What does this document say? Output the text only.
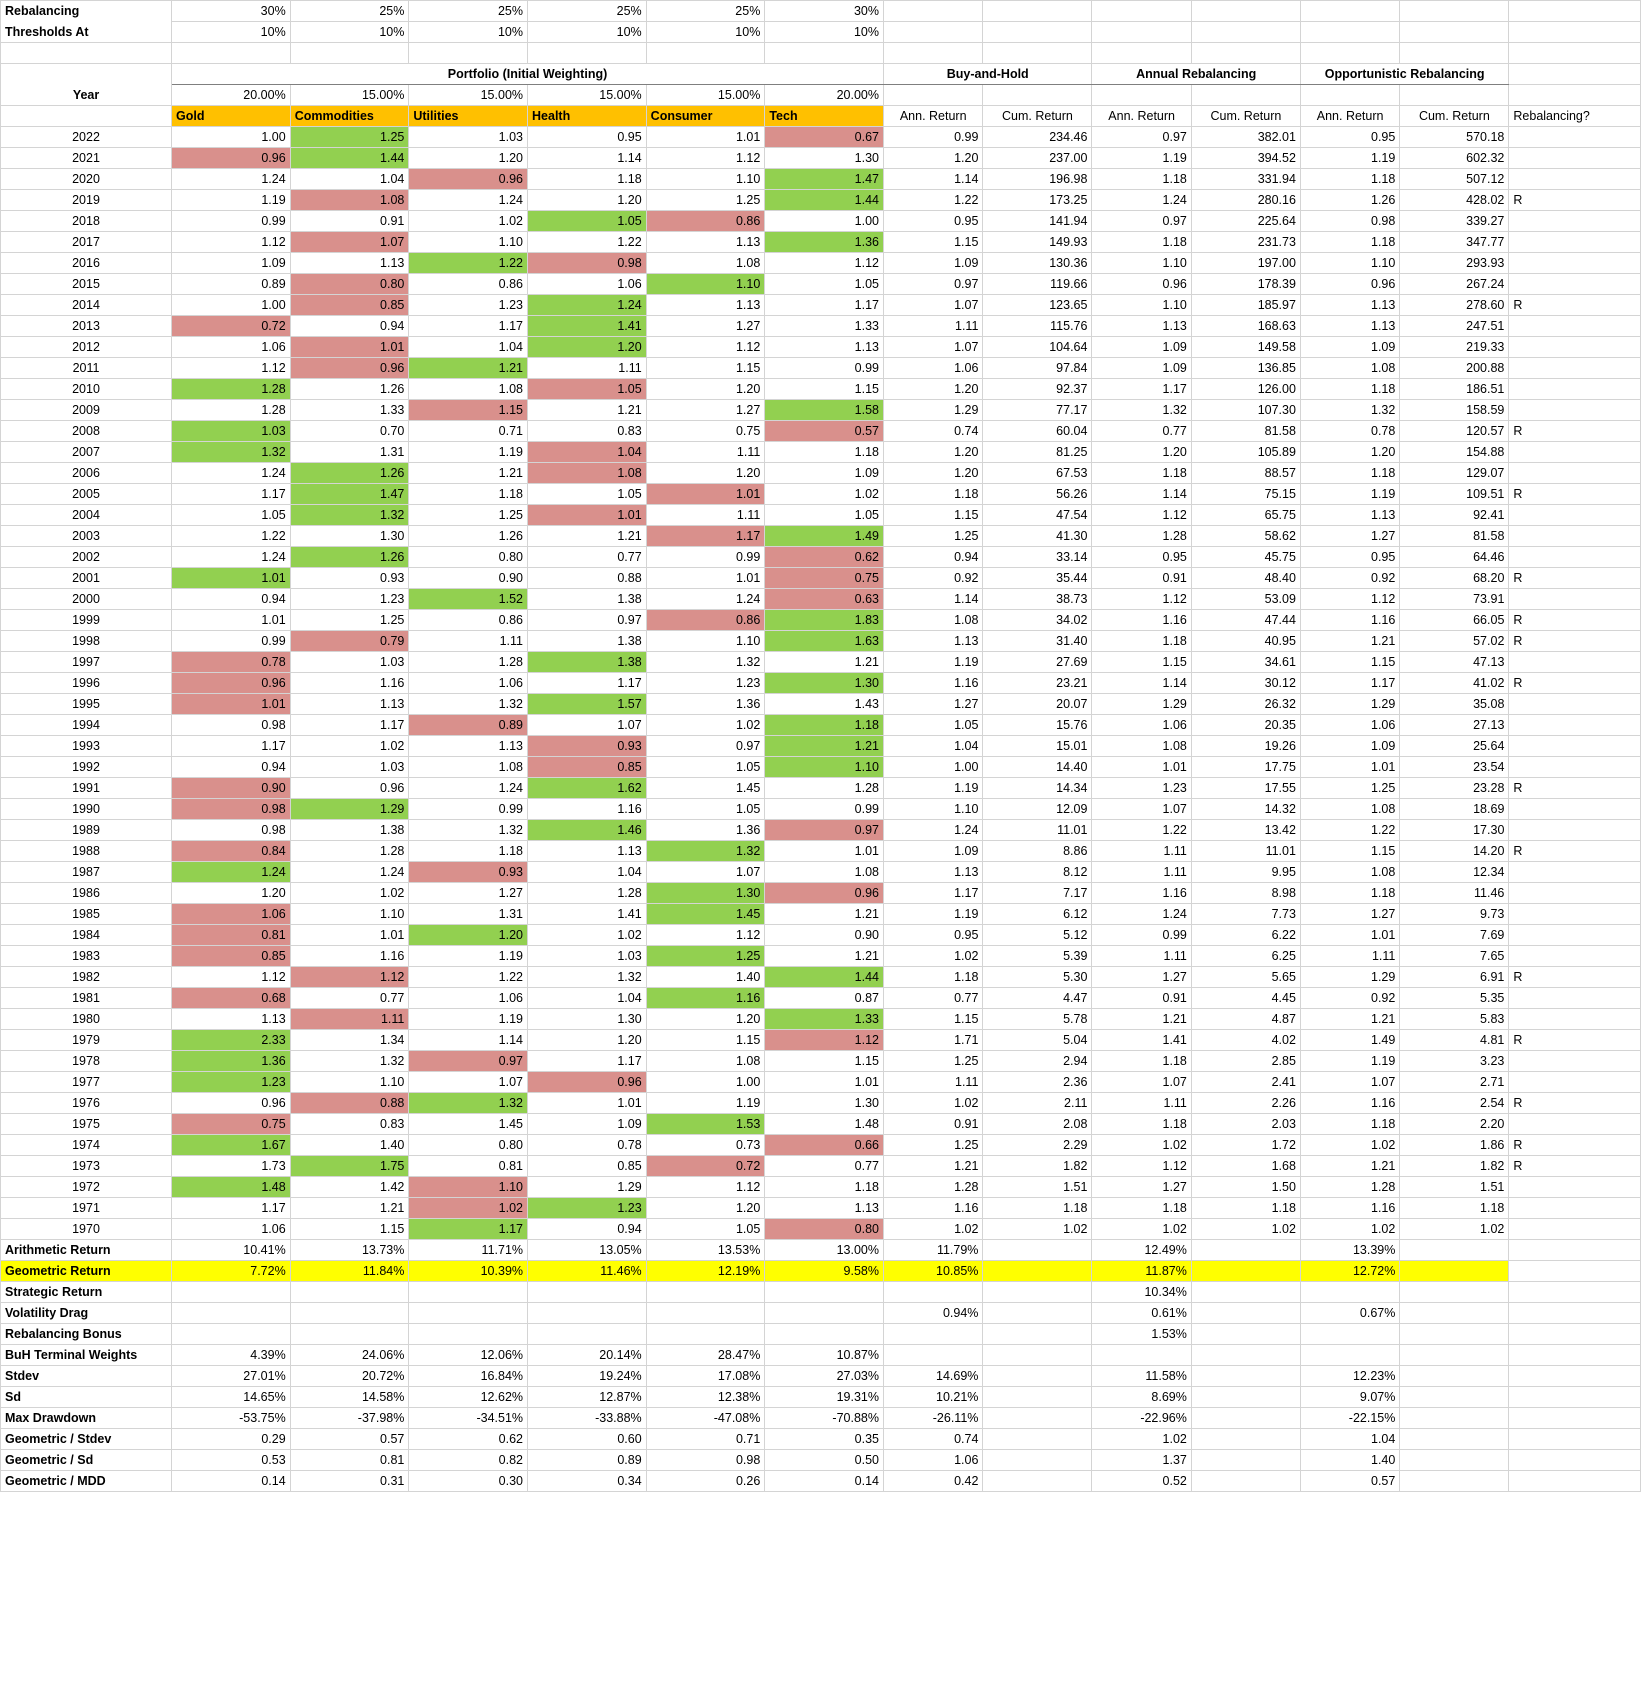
Rebalancing	30%	25%	25%	25%	25%	30%							
Thresholds At	10%	10%	10%	10%	10%	10%							

	Portfolio (Initial Weighting)						Buy-and-Hold		Annual Rebalancing		Opportunistic Rebalancing		
Year	20.00%	15.00%	15.00%	15.00%	15.00%	20.00%							
	Gold	Commodities	Utilities	Health	Consumer	Tech	Ann. Return	Cum. Return	Ann. Return	Cum. Return	Ann. Return	Cum. Return	Rebalancing?
2022	1.00	1.25	1.03	0.95	1.01	0.67	0.99	234.46	0.97	382.01	0.95	570.18	
2021	0.96	1.44	1.20	1.14	1.12	1.30	1.20	237.00	1.19	394.52	1.19	602.32	
2020	1.24	1.04	0.96	1.18	1.10	1.47	1.14	196.98	1.18	331.94	1.18	507.12	
2019	1.19	1.08	1.24	1.20	1.25	1.44	1.22	173.25	1.24	280.16	1.26	428.02	R
2018	0.99	0.91	1.02	1.05	0.86	1.00	0.95	141.94	0.97	225.64	0.98	339.27	
2017	1.12	1.07	1.10	1.22	1.13	1.36	1.15	149.93	1.18	231.73	1.18	347.77	
2016	1.09	1.13	1.22	0.98	1.08	1.12	1.09	130.36	1.10	197.00	1.10	293.93	
2015	0.89	0.80	0.86	1.06	1.10	1.05	0.97	119.66	0.96	178.39	0.96	267.24	
2014	1.00	0.85	1.23	1.24	1.13	1.17	1.07	123.65	1.10	185.97	1.13	278.60	R
2013	0.72	0.94	1.17	1.41	1.27	1.33	1.11	115.76	1.13	168.63	1.13	247.51	
2012	1.06	1.01	1.04	1.20	1.12	1.13	1.07	104.64	1.09	149.58	1.09	219.33	
2011	1.12	0.96	1.21	1.11	1.15	0.99	1.06	97.84	1.09	136.85	1.08	200.88	
2010	1.28	1.26	1.08	1.05	1.20	1.15	1.20	92.37	1.17	126.00	1.18	186.51	
2009	1.28	1.33	1.15	1.21	1.27	1.58	1.29	77.17	1.32	107.30	1.32	158.59	
2008	1.03	0.70	0.71	0.83	0.75	0.57	0.74	60.04	0.77	81.58	0.78	120.57	R
2007	1.32	1.31	1.19	1.04	1.11	1.18	1.20	81.25	1.20	105.89	1.20	154.88	
2006	1.24	1.26	1.21	1.08	1.20	1.09	1.20	67.53	1.18	88.57	1.18	129.07	
2005	1.17	1.47	1.18	1.05	1.01	1.02	1.18	56.26	1.14	75.15	1.19	109.51	R
2004	1.05	1.32	1.25	1.01	1.11	1.05	1.15	47.54	1.12	65.75	1.13	92.41	
2003	1.22	1.30	1.26	1.21	1.17	1.49	1.25	41.30	1.28	58.62	1.27	81.58	
2002	1.24	1.26	0.80	0.77	0.99	0.62	0.94	33.14	0.95	45.75	0.95	64.46	
2001	1.01	0.93	0.90	0.88	1.01	0.75	0.92	35.44	0.91	48.40	0.92	68.20	R
2000	0.94	1.23	1.52	1.38	1.24	0.63	1.14	38.73	1.12	53.09	1.12	73.91	
1999	1.01	1.25	0.86	0.97	0.86	1.83	1.08	34.02	1.16	47.44	1.16	66.05	R
1998	0.99	0.79	1.11	1.38	1.10	1.63	1.13	31.40	1.18	40.95	1.21	57.02	R
1997	0.78	1.03	1.28	1.38	1.32	1.21	1.19	27.69	1.15	34.61	1.15	47.13	
1996	0.96	1.16	1.06	1.17	1.23	1.30	1.16	23.21	1.14	30.12	1.17	41.02	R
1995	1.01	1.13	1.32	1.57	1.36	1.43	1.27	20.07	1.29	26.32	1.29	35.08	
1994	0.98	1.17	0.89	1.07	1.02	1.18	1.05	15.76	1.06	20.35	1.06	27.13	
1993	1.17	1.02	1.13	0.93	0.97	1.21	1.04	15.01	1.08	19.26	1.09	25.64	
1992	0.94	1.03	1.08	0.85	1.05	1.10	1.00	14.40	1.01	17.75	1.01	23.54	
1991	0.90	0.96	1.24	1.62	1.45	1.28	1.19	14.34	1.23	17.55	1.25	23.28	R
1990	0.98	1.29	0.99	1.16	1.05	0.99	1.10	12.09	1.07	14.32	1.08	18.69	
1989	0.98	1.38	1.32	1.46	1.36	0.97	1.24	11.01	1.22	13.42	1.22	17.30	
1988	0.84	1.28	1.18	1.13	1.32	1.01	1.09	8.86	1.11	11.01	1.15	14.20	R
1987	1.24	1.24	0.93	1.04	1.07	1.08	1.13	8.12	1.11	9.95	1.08	12.34	
1986	1.20	1.02	1.27	1.28	1.30	0.96	1.17	7.17	1.16	8.98	1.18	11.46	
1985	1.06	1.10	1.31	1.41	1.45	1.21	1.19	6.12	1.24	7.73	1.27	9.73	
1984	0.81	1.01	1.20	1.02	1.12	0.90	0.95	5.12	0.99	6.22	1.01	7.69	
1983	0.85	1.16	1.19	1.03	1.25	1.21	1.02	5.39	1.11	6.25	1.11	7.65	
1982	1.12	1.12	1.22	1.32	1.40	1.44	1.18	5.30	1.27	5.65	1.29	6.91	R
1981	0.68	0.77	1.06	1.04	1.16	0.87	0.77	4.47	0.91	4.45	0.92	5.35	
1980	1.13	1.11	1.19	1.30	1.20	1.33	1.15	5.78	1.21	4.87	1.21	5.83	
1979	2.33	1.34	1.14	1.20	1.15	1.12	1.71	5.04	1.41	4.02	1.49	4.81	R
1978	1.36	1.32	0.97	1.17	1.08	1.15	1.25	2.94	1.18	2.85	1.19	3.23	
1977	1.23	1.10	1.07	0.96	1.00	1.01	1.11	2.36	1.07	2.41	1.07	2.71	
1976	0.96	0.88	1.32	1.01	1.19	1.30	1.02	2.11	1.11	2.26	1.16	2.54	R
1975	0.75	0.83	1.45	1.09	1.53	1.48	0.91	2.08	1.18	2.03	1.18	2.20	
1974	1.67	1.40	0.80	0.78	0.73	0.66	1.25	2.29	1.02	1.72	1.02	1.86	R
1973	1.73	1.75	0.81	0.85	0.72	0.77	1.21	1.82	1.12	1.68	1.21	1.82	R
1972	1.48	1.42	1.10	1.29	1.12	1.18	1.28	1.51	1.27	1.50	1.28	1.51	
1971	1.17	1.21	1.02	1.23	1.20	1.13	1.16	1.18	1.18	1.18	1.16	1.18	
1970	1.06	1.15	1.17	0.94	1.05	0.80	1.02	1.02	1.02	1.02	1.02	1.02	
Arithmetic Return	10.41%	13.73%	11.71%	13.05%	13.53%	13.00%	11.79%		12.49%		13.39%		
Geometric Return	7.72%	11.84%	10.39%	11.46%	12.19%	9.58%	10.85%		11.87%		12.72%		
Strategic Return									10.34%				
Volatility Drag							0.94%		0.61%		0.67%		
Rebalancing Bonus									1.53%				
BuH Terminal Weights	4.39%	24.06%	12.06%	20.14%	28.47%	10.87%							
Stdev	27.01%	20.72%	16.84%	19.24%	17.08%	27.03%	14.69%		11.58%		12.23%		
Sd	14.65%	14.58%	12.62%	12.87%	12.38%	19.31%	10.21%		8.69%		9.07%		
Max Drawdown	-53.75%	-37.98%	-34.51%	-33.88%	-47.08%	-70.88%	-26.11%		-22.96%		-22.15%		
Geometric / Stdev	0.29	0.57	0.62	0.60	0.71	0.35	0.74		1.02		1.04		
Geometric / Sd	0.53	0.81	0.82	0.89	0.98	0.50	1.06		1.37		1.40		
Geometric / MDD	0.14	0.31	0.30	0.34	0.26	0.14	0.42		0.52		0.57		
